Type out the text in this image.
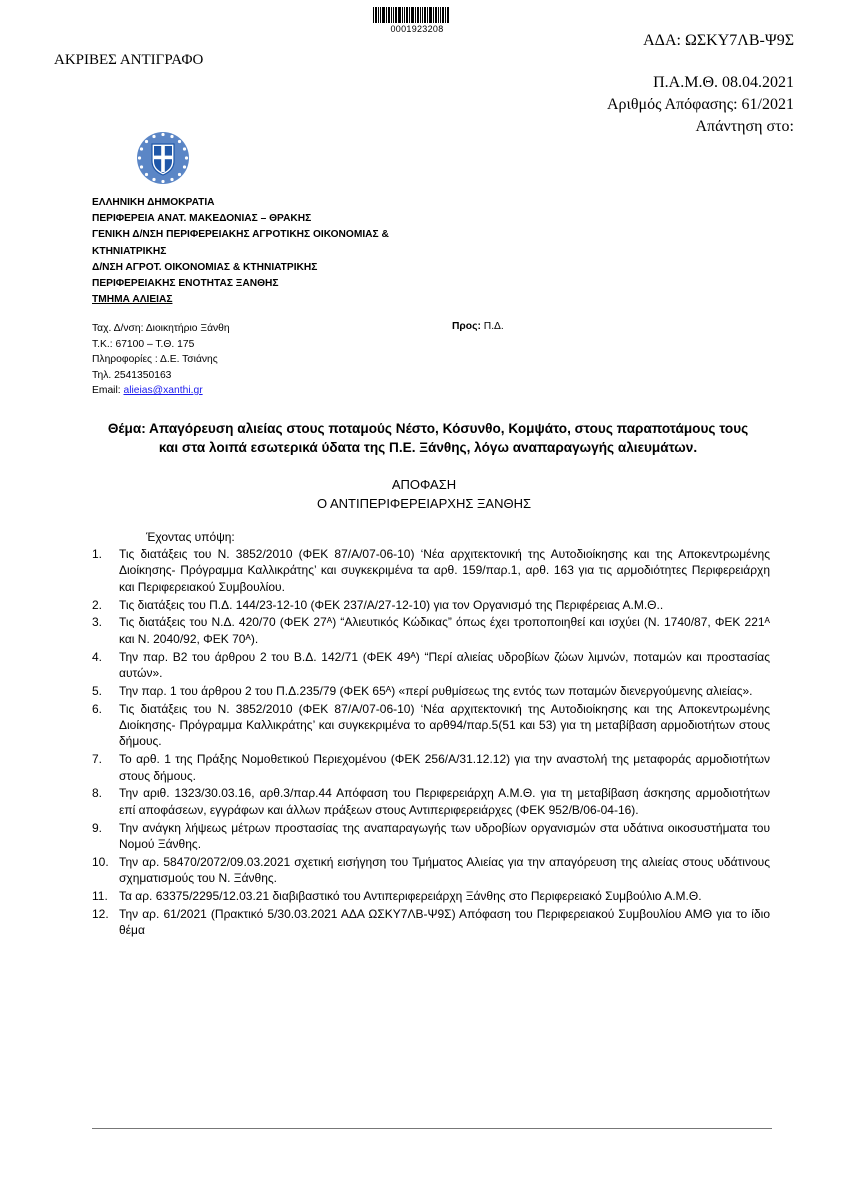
0001923208
ΑΔΑ: ΩΣΚΥ7ΛΒ-Ψ9Σ
ΑΚΡΙΒΕΣ ΑΝΤΙΓΡΑΦΟ
Π.Α.Μ.Θ. 08.04.2021
Αριθμός Απόφασης: 61/2021
Απάντηση στο:
ΕΛΛΗΝΙΚΗ ΔΗΜΟΚΡΑΤΙΑ
ΠΕΡΙΦΕΡΕΙΑ ΑΝΑΤ. ΜΑΚΕΔΟΝΙΑΣ – ΘΡΑΚΗΣ
ΓΕΝΙΚΗ Δ/ΝΣΗ ΠΕΡΙΦΕΡΕΙΑΚΗΣ ΑΓΡΟΤΙΚΗΣ ΟΙΚΟΝΟΜΙΑΣ &
ΚΤΗΝΙΑΤΡΙΚΗΣ
Δ/ΝΣΗ ΑΓΡΟΤ. ΟΙΚΟΝΟΜΙΑΣ & ΚΤΗΝΙΑΤΡΙΚΗΣ
ΠΕΡΙΦΕΡΕΙΑΚΗΣ ΕΝΟΤΗΤΑΣ ΞΑΝΘΗΣ
ΤΜΗΜΑ ΑΛΙΕΙΑΣ
Ταχ. Δ/νση: Διοικητήριο Ξάνθη
Τ.Κ.: 67100 – Τ.Θ. 175
Πληροφορίες : Δ.Ε. Τσιάνης
Τηλ. 2541350163
Email: alieias@xanthi.gr
Προς: Π.Δ.
Θέμα: Απαγόρευση αλιείας στους ποταμούς Νέστο, Κόσυνθο, Κομψάτο, στους παραποτάμους τους
και στα λοιπά εσωτερικά ύδατα της Π.Ε. Ξάνθης, λόγω αναπαραγωγής αλιευμάτων.
ΑΠΟΦΑΣΗ
Ο ΑΝΤΙΠΕΡΙΦΕΡΕΙΑΡΧΗΣ ΞΑΝΘΗΣ
Έχοντας υπόψη:
1.	Τις διατάξεις του Ν. 3852/2010 (ΦΕΚ 87/Α/07-06-10) ‘Νέα αρχιτεκτονική της Αυτοδιοίκησης και της Αποκεντρωμένης Διοίκησης- Πρόγραμμα Καλλικράτης’ και συγκεκριμένα τα αρθ. 159/παρ.1, αρθ. 163 για τις αρμοδιότητες Περιφερειάρχη και Περιφερειακού Συμβουλίου.
2.	Τις διατάξεις του Π.Δ. 144/23-12-10 (ΦΕΚ 237/Α/27-12-10) για τον Οργανισμό της Περιφέρειας Α.Μ.Θ..
3.	Τις διατάξεις του Ν.Δ. 420/70 (ΦΕΚ 27ᴬ) “Αλιευτικός Κώδικας” όπως έχει τροποποιηθεί και ισχύει (Ν. 1740/87, ΦΕΚ 221ᴬ και Ν. 2040/92, ΦΕΚ 70ᴬ).
4.	Την παρ. Β2 του άρθρου 2 του Β.Δ. 142/71 (ΦΕΚ 49ᴬ) “Περί αλιείας υδροβίων ζώων λιμνών, ποταμών και προστασίας αυτών».
5.	Την παρ. 1 του άρθρου 2 του Π.Δ.235/79 (ΦΕΚ 65ᴬ) «περί ρυθμίσεως της εντός των ποταμών διενεργούμενης αλιείας».
6.	Τις διατάξεις του Ν. 3852/2010 (ΦΕΚ 87/Α/07-06-10) ‘Νέα αρχιτεκτονική της Αυτοδιοίκησης και της Αποκεντρωμένης Διοίκησης- Πρόγραμμα Καλλικράτης’ και συγκεκριμένα το αρθ94/παρ.5(51 και 53) για τη μεταβίβαση αρμοδιοτήτων στους δήμους.
7.	Το αρθ. 1 της Πράξης Νομοθετικού Περιεχομένου (ΦΕΚ 256/Α/31.12.12) για την αναστολή της μεταφοράς αρμοδιοτήτων στους δήμους.
8.	Την αριθ. 1323/30.03.16, αρθ.3/παρ.44 Απόφαση του Περιφερειάρχη Α.Μ.Θ. για τη μεταβίβαση άσκησης αρμοδιοτήτων επί αποφάσεων, εγγράφων και άλλων πράξεων στους Αντιπεριφερειάρχες (ΦΕΚ 952/Β/06-04-16).
9.	Την ανάγκη λήψεως μέτρων προστασίας της αναπαραγωγής των υδροβίων οργανισμών στα υδάτινα οικοσυστήματα του Νομού Ξάνθης.
10. Την αρ. 58470/2072/09.03.2021 σχετική εισήγηση του Τμήματος Αλιείας για την απαγόρευση της αλιείας στους υδάτινους σχηματισμούς του Ν. Ξάνθης.
11. Τα αρ. 63375/2295/12.03.21 διαβιβαστικό του Αντιπεριφερειάρχη Ξάνθης στο Περιφερειακό Συμβούλιο Α.Μ.Θ.
12. Την αρ. 61/2021 (Πρακτικό 5/30.03.2021 ΑΔΑ ΩΣΚΥ7ΛΒ-Ψ9Σ) Απόφαση του Περιφερειακού Συμβουλίου ΑΜΘ για το ίδιο θέμα
